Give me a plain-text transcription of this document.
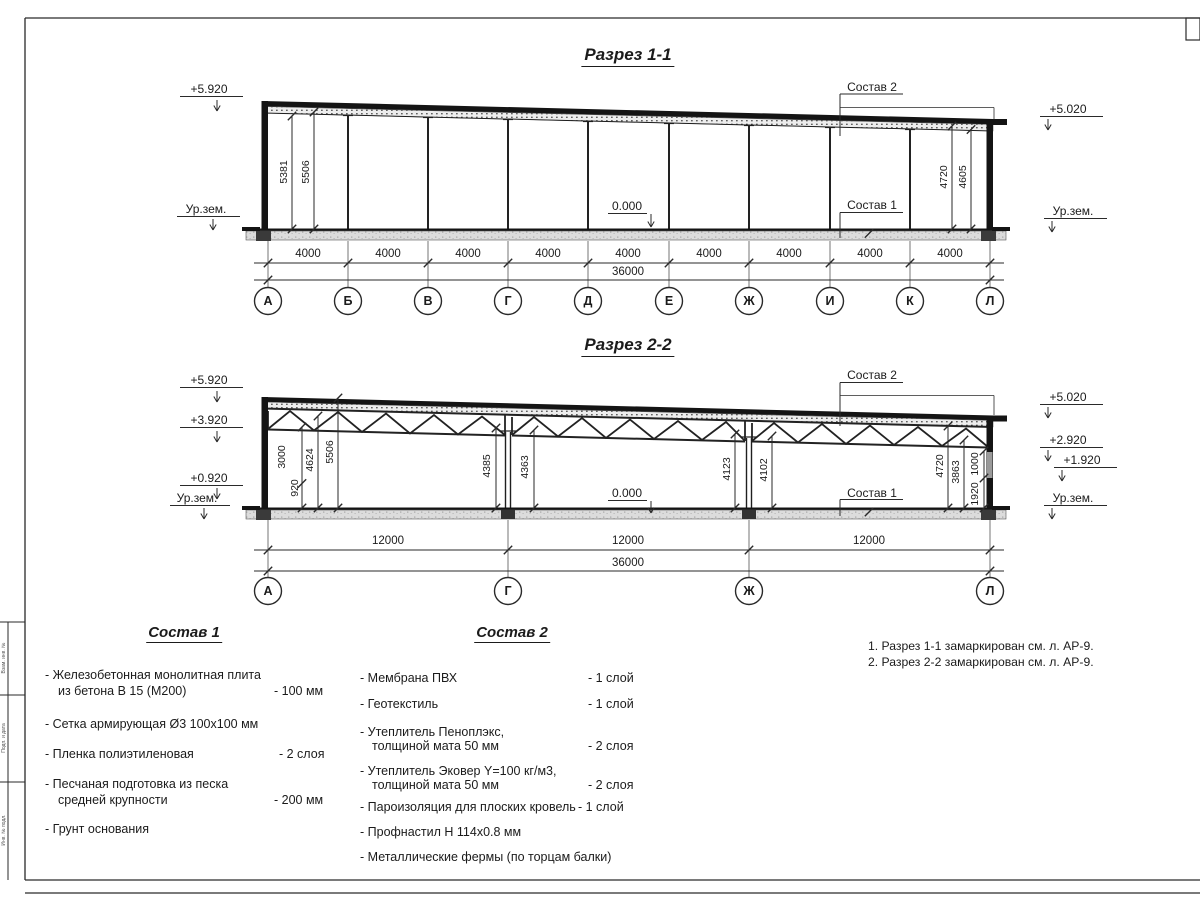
Разрез 1-1
+5.920
Ур.зем.
+5.020
Ур.зем.
5381 5506	4720 4605
0.000
Состав 2
Состав 1
4000	4000	4000	4000	4000	4000	4000	4000	4000
36000
А	Б	В	Г	Д	Е	Ж	И	К	Л
Разрез 2-2
+5.920
+3.920
+0.920
Ур.зем.
+5.020
+2.920
+1.920
Ур.зем.
3000
920
4624 5506
4385 4363	4123 4102	4720 3863 1000
1920
0.000
Состав 2
Состав 1
12000	12000	12000
36000
А	Г	Ж	Л
Состав 1
- Железобетонная монолитная плита
из бетона В 15 (М200)	- 100 мм
- Сетка армирующая Ø3 100х100 мм
- Пленка полиэтиленовая	- 2 слоя
- Песчаная подготовка из песка
средней крупности	- 200 мм
- Грунт основания
Состав 2
- Мембрана ПВХ	- 1 слой
- Геотекстиль	- 1 слой
- Утеплитель Пеноплэкс,
толщиной мата 50 мм	- 2 слоя
- Утеплитель Эковер Y=100 кг/м3,
толщиной мата 50 мм	- 2 слоя
- Пароизоляция для плоских кровель - 1 слой
- Профнастил Н 114х0.8 мм
- Металлические фермы (по торцам балки)
1. Разрез 1-1 замаркирован см. л. АР-9.
2. Разрез 2-2 замаркирован см. л. АР-9.
Взам. инв. №
Подп. и дата
Инв. № подл.
